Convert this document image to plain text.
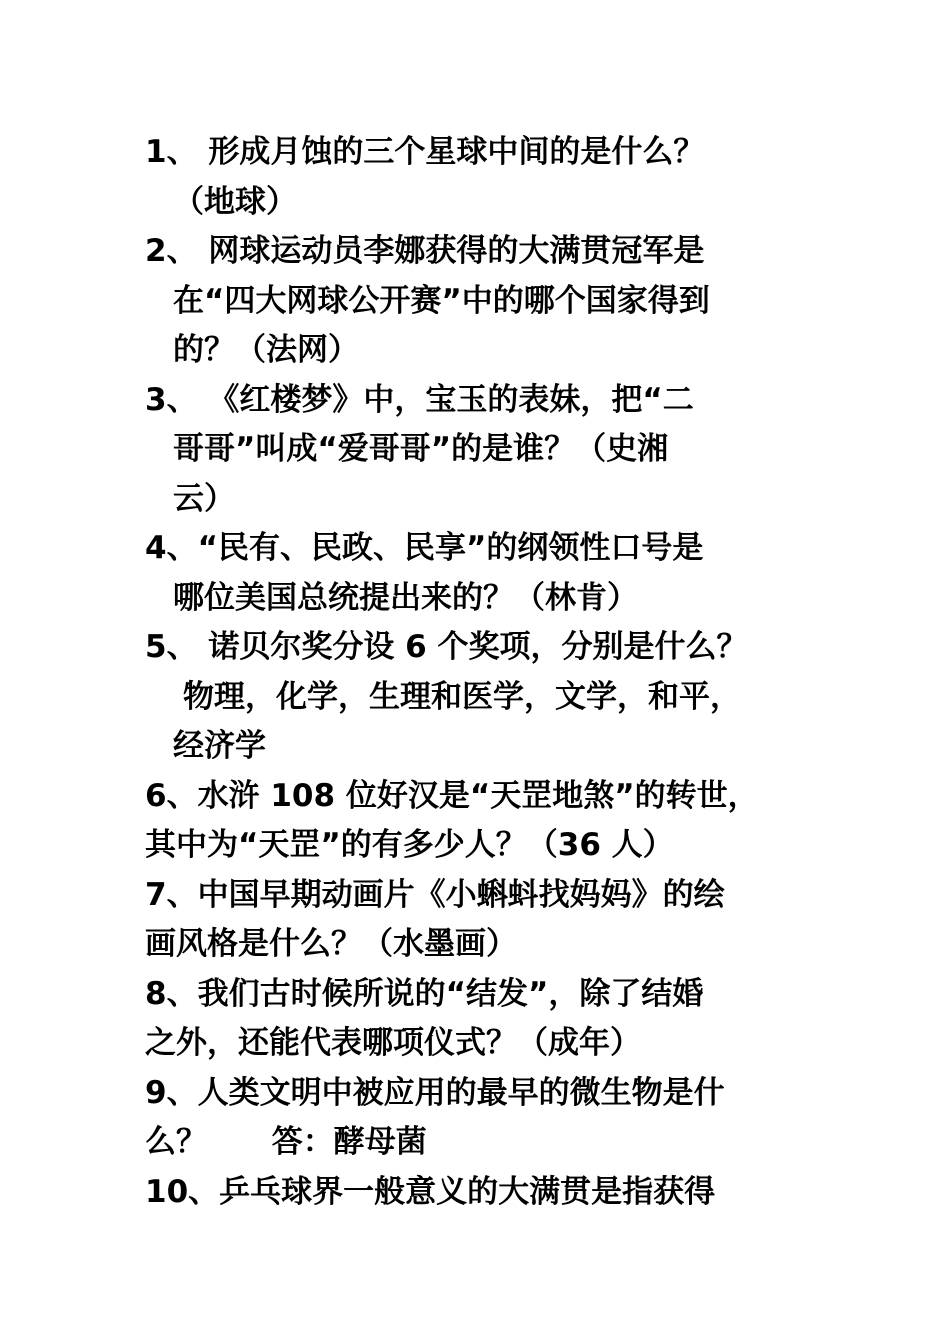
1、 形成月蚀的三个星球中间的是什么？
（地球）
2、 网球运动员李娜获得的大满贯冠军是
在“四大网球公开赛”中的哪个国家得到
的？（法网）
3、 《红楼梦》中，宝玉的表妹，把“二
哥哥”叫成“爱哥哥”的是谁？（史湘
云）
4、“民有、民政、民享”的纲领性口号是
哪位美国总统提出来的？（林肯）
5、 诺贝尔奖分设 6 个奖项，分别是什么？
物理，化学，生理和医学，文学，和平，
经济学
6、水浒 108 位好汉是“天罡地煞”的转世，
其中为“天罡”的有多少人？（36 人）
7、中国早期动画片《小蝌蚪找妈妈》的绘
画风格是什么？（水墨画）
8、我们古时候所说的“结发”，除了结婚
之外，还能代表哪项仪式？（成年）
9、人类文明中被应用的最早的微生物是什
么？      答：酵母菌
10、乒乓球界一般意义的大满贯是指获得
